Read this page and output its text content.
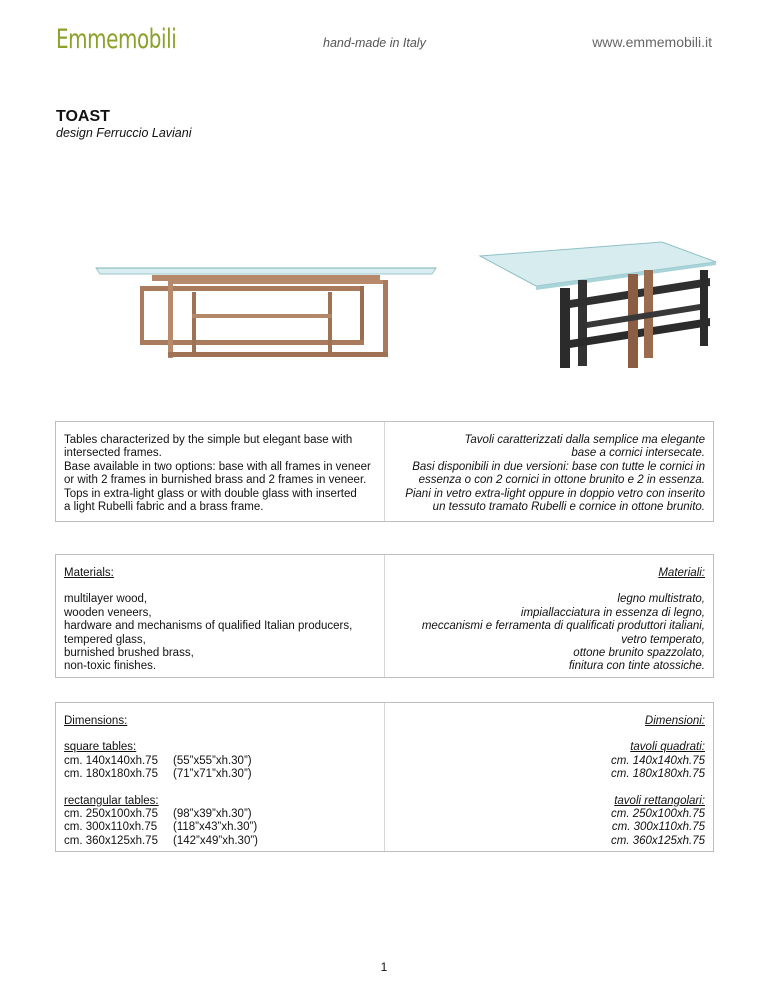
Emmemobili	hand-made in Italy	www.emmemobili.it
TOAST
design Ferruccio Laviani
Tables characterized by the simple but elegant base with
intersected frames.
Base available in two options: base with all frames in veneer
or with 2 frames in burnished brass and 2 frames in veneer.
Tops in extra-light glass or with double glass with inserted
a light Rubelli fabric and a brass frame.
Tavoli caratterizzati dalla semplice ma elegante
base a cornici intersecate.
Basi disponibili in due versioni: base con tutte le cornici in
essenza o con 2 cornici in ottone brunito e 2 in essenza.
Piani in vetro extra-light oppure in doppio vetro con inserito
un tessuto tramato Rubelli e cornice in ottone brunito.
Materials:
multilayer wood,
wooden veneers,
hardware and mechanisms of qualified Italian producers,
tempered glass,
burnished brushed brass,
non-toxic finishes.
Materiali:
legno multistrato,
impiallacciatura in essenza di legno,
meccanismi e ferramenta di qualificati produttori italiani,
vetro temperato,
ottone brunito spazzolato,
finitura con tinte atossiche.
Dimensions:
square tables:
cm. 140x140xh.75	(55”x55”xh.30”)
cm. 180x180xh.75	(71”x71”xh.30”)
rectangular tables:
cm. 250x100xh.75	(98”x39”xh.30”)
cm. 300x110xh.75	(118”x43”xh.30”)
cm. 360x125xh.75	(142”x49”xh.30”)
Dimensioni:
tavoli quadrati:
cm. 140x140xh.75
cm. 180x180xh.75
tavoli rettangolari:
cm. 250x100xh.75
cm. 300x110xh.75
cm. 360x125xh.75
1
